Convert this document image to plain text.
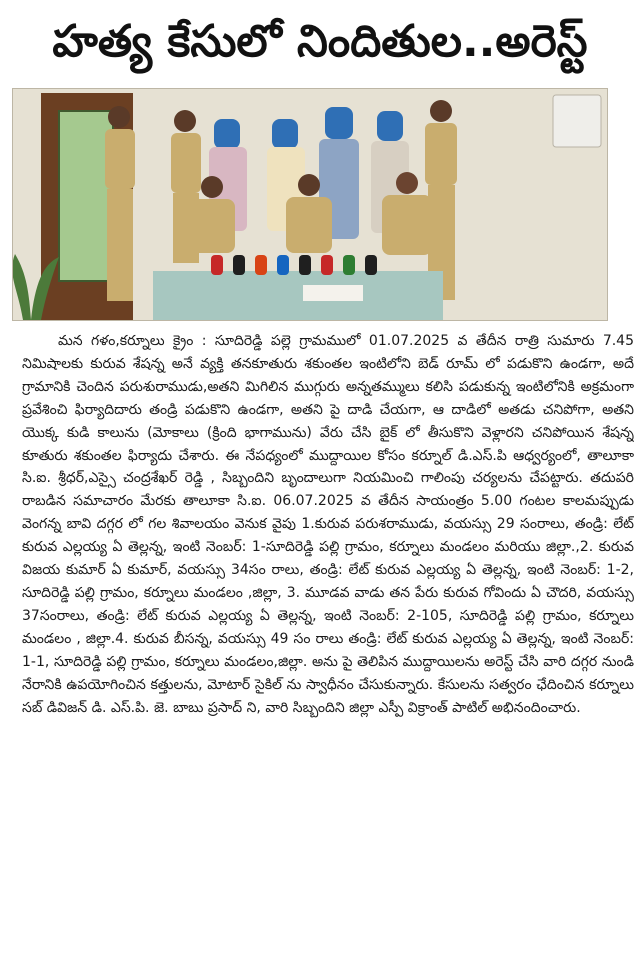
హత్య కేసులో నిందితుల..అరెస్ట్

మన గళం,కర్నూలు క్రైం : సూదిరెడ్డి పల్లె గ్రామములో 01.07.2025 వ తేదీన రాత్రి సుమారు 7.45 నిమిషాలకు కురువ శేషన్న అనే వ్యక్తి తనకూతురు శకుంతల ఇంటిలోని బెడ్ రూమ్ లో పడుకొని ఉండగా, అదే గ్రామానికి చెందిన పరుశురాముడు,అతని మిగిలిన ముగ్గురు అన్నతమ్ములు కలిసి పడుకున్న ఇంటిలోనికి అక్రమంగా ప్రవేశించి ఫిర్యాదిదారు తండ్రి పడుకొని ఉండగా, అతని పై దాడి చేయగా, ఆ దాడిలో అతడు చనిపోగా, అతని యొక్క కుడి కాలును (మోకాలు (క్రింది భాగామును) వేరు చేసి బైక్ లో తీసుకొని వెళ్లారని చనిపోయిన శేషన్న కూతురు శకుంతల ఫిర్యాదు చేశారు. ఈ నేపధ్యంలో ముద్దాయిల కోసం కర్నూల్ డి.ఎస్.పి ఆధ్వర్యంలో, తాలూకా సి.ఐ. శ్రీధర్,ఎస్సై చంద్రశేఖర్ రెడ్డి , సిబ్బందిని బృందాలుగా నియమించి గాలింపు చర్యలను చేపట్టారు. తదుపరి రాబడిన సమాచారం మేరకు తాలూకా సి.ఐ. 06.07.2025 వ తేదీన సాయంత్రం 5.00 గంటల కాలమప్పుడు వెంగన్న బావి దగ్గర లో గల శివాలయం వెనుక వైపు 1.కురువ పరుశరాముడు, వయస్సు 29 సంరాలు, తండ్రి: లేట్ కురువ ఎల్లయ్య ఏ తెల్లన్న, ఇంటి నెంబర్: 1-సూదిరెడ్డి పల్లి గ్రామం, కర్నూలు మండలం మరియు జిల్లా.,2. కురువ విజయ కుమార్ ఏ కుమార్, వయస్సు 34సం రాలు, తండ్రి: లేట్ కురువ ఎల్లయ్య ఏ తెల్లన్న, ఇంటి నెంబర్: 1-2, సూదిరెడ్డి పల్లి గ్రామం, కర్నూలు మండలం ,జిల్లా, 3. మూడవ వాడు తన పేరు కురువ గోవిందు ఏ చౌదరి, వయస్సు 37సంరాలు, తండ్రి: లేట్ కురువ ఎల్లయ్య ఏ తెల్లన్న, ఇంటి నెంబర్: 2-105, సూదిరెడ్డి పల్లి గ్రామం, కర్నూలు మండలం , జిల్లా.4. కురువ బీసన్న, వయస్సు 49 సం రాలు తండ్రి: లేట్ కురువ ఎల్లయ్య ఏ తెల్లన్న, ఇంటి నెంబర్: 1-1, సూదిరెడ్డి పల్లి గ్రామం, కర్నూలు మండలం,జిల్లా. అను పై తెలిపిన ముద్దాయిలను అరెస్ట్ చేసి వారి దగ్గర నుండి నేరానికి ఉపయోగించిన కత్తులను, మోటార్ సైకిల్ ను స్వాధీనం చేసుకున్నారు. కేసులను సత్వరం ఛేదించిన కర్నూలు సబ్ డివిజన్ డి. ఎస్.పి. జె. బాబు ప్రసాద్ ని, వారి సిబ్బందిని జిల్లా ఎస్పీ విక్రాంత్ పాటిల్ అభినందించారు.
